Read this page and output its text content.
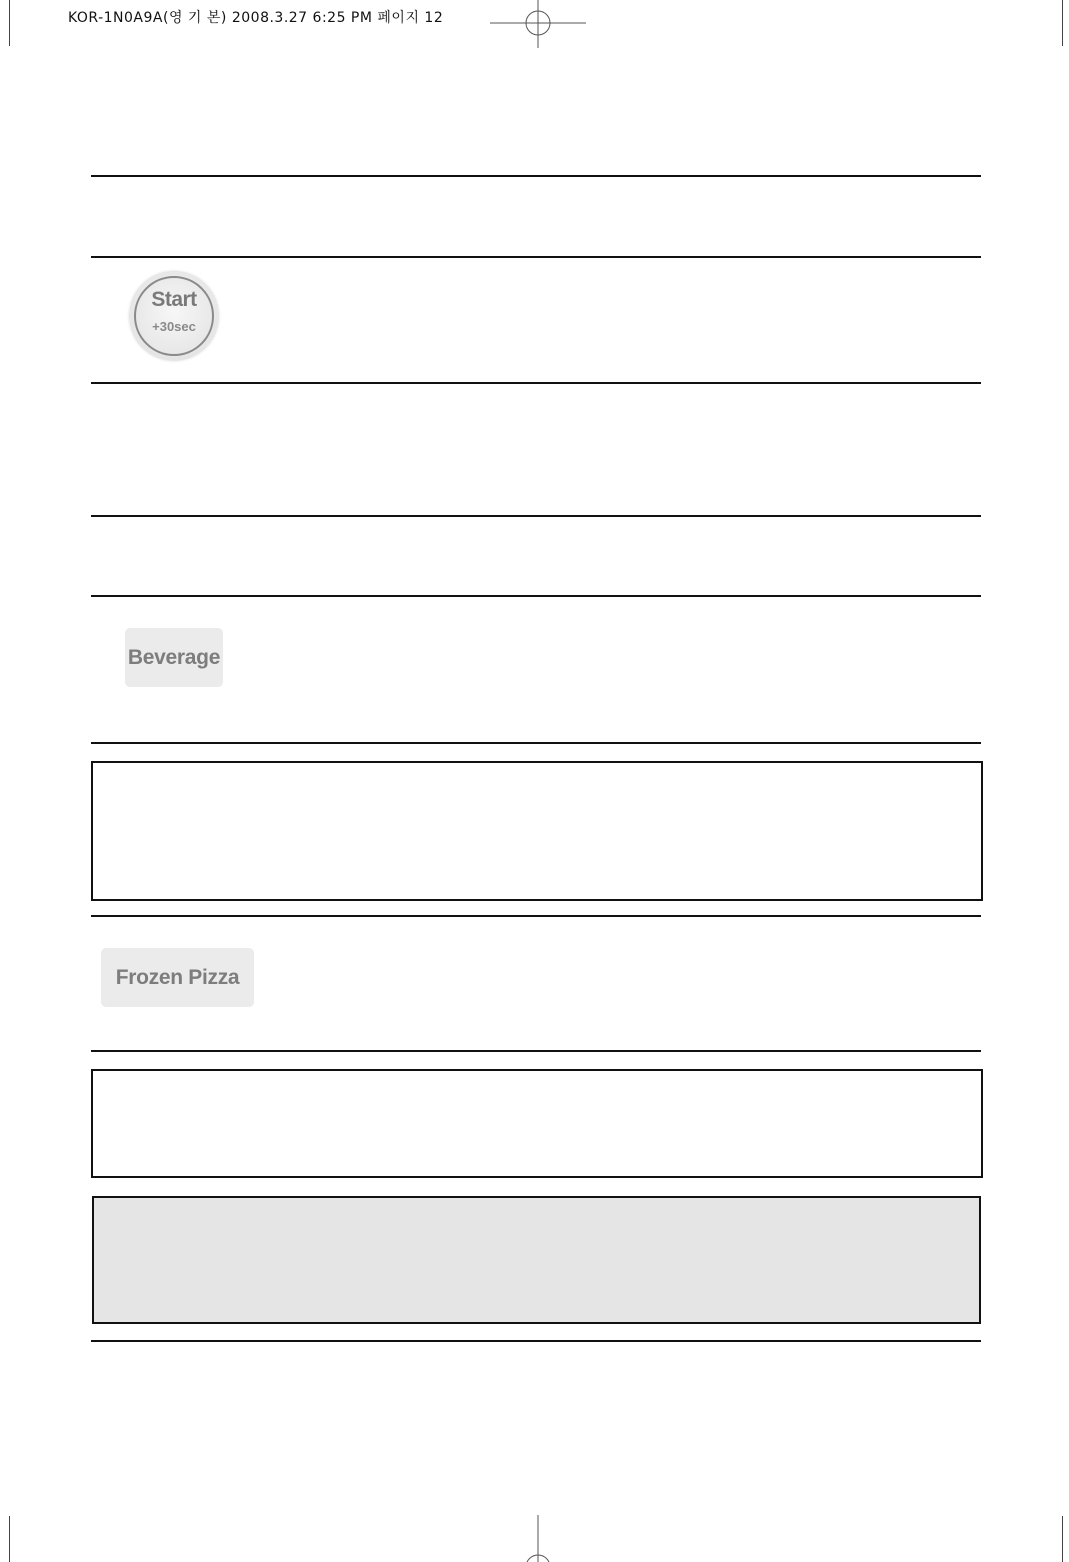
KOR-1N0A9A(영 기 본) 2008.3.27 6:25 PM 페이지 12
Start
+30sec
Beverage
Frozen Pizza
